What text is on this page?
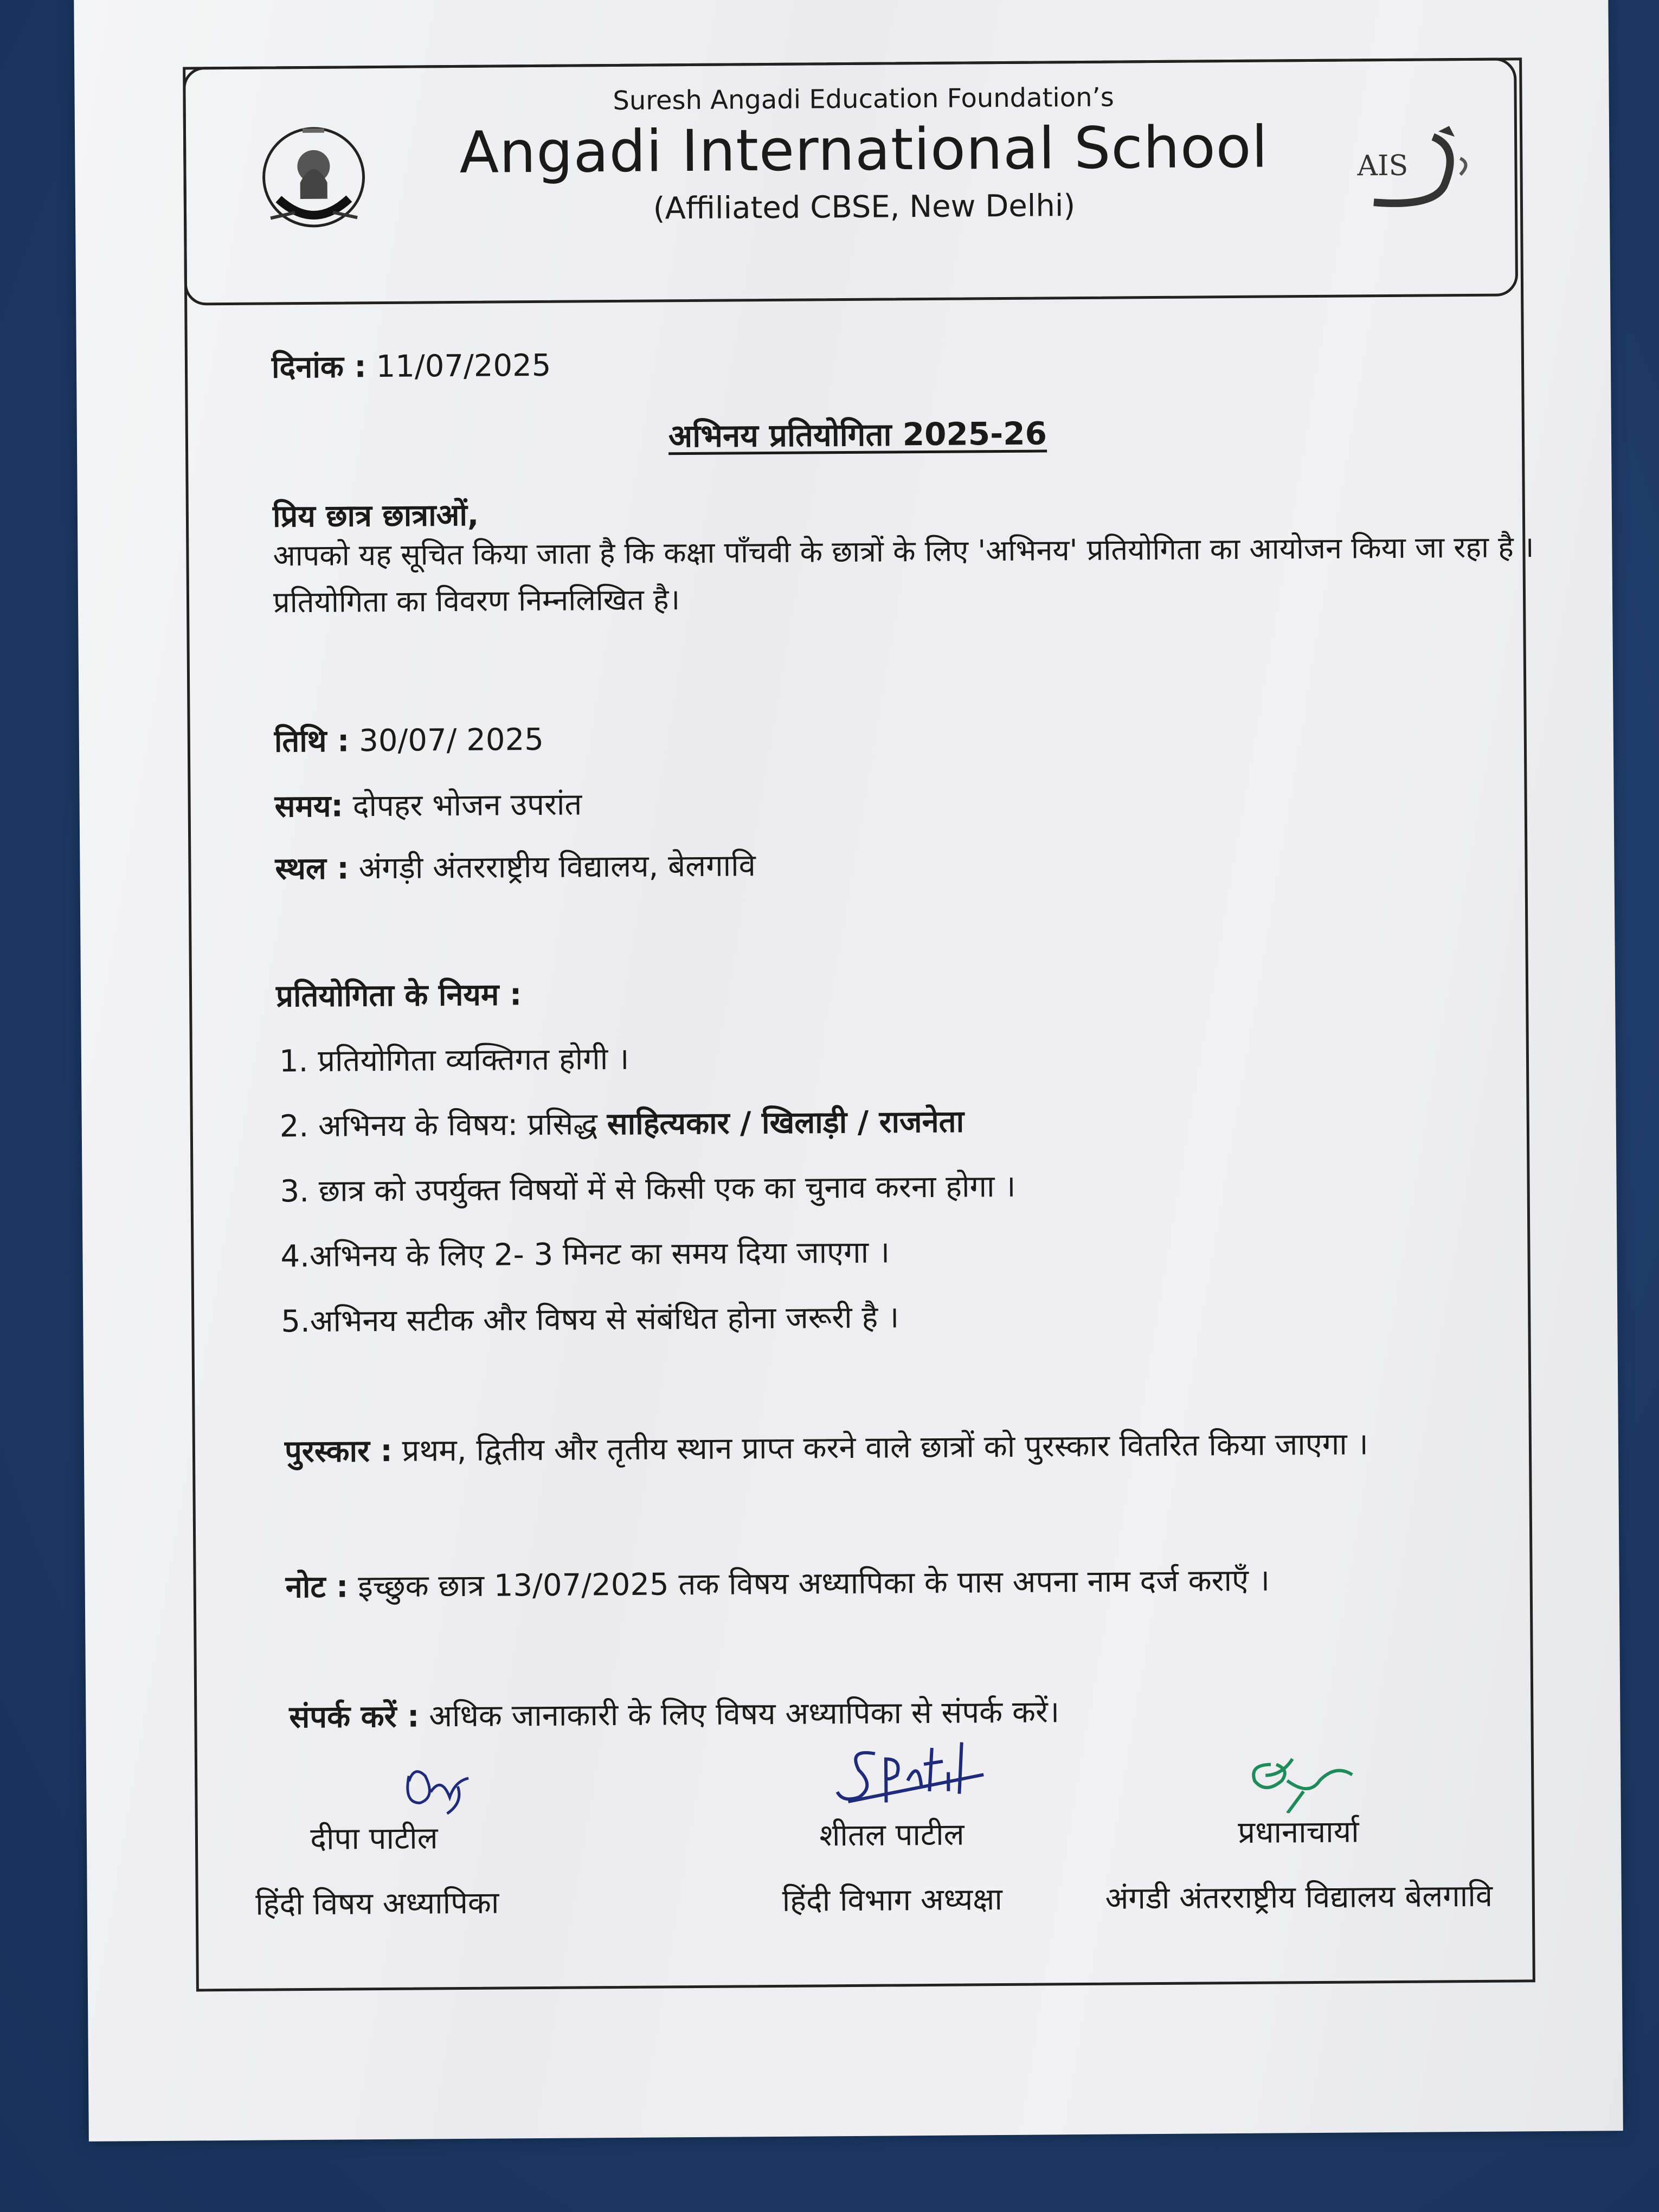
Suresh Angadi Education Foundation’s
Angadi International School
(Affiliated CBSE, New Delhi)
AIS
दिनांक : 11/07/2025
अभिनय प्रतियोगिता 2025-26
प्रिय छात्र छात्राओं,
आपको यह सूचित किया जाता है कि कक्षा पाँचवी के छात्रों के लिए 'अभिनय' प्रतियोगिता का आयोजन किया जा रहा है । प्रतियोगिता का विवरण निम्नलिखित है।
तिथि : 30/07/ 2025
समय: दोपहर भोजन उपरांत
स्थल : अंगड़ी अंतरराष्ट्रीय विद्यालय, बेलगावि
प्रतियोगिता के नियम :
1. प्रतियोगिता व्यक्तिगत होगी ।
2. अभिनय के विषय: प्रसिद्ध साहित्यकार / खिलाड़ी / राजनेता
3. छात्र को उपर्युक्त विषयों में से किसी एक का चुनाव करना होगा ।
4.अभिनय के लिए 2- 3 मिनट का समय दिया जाएगा ।
5.अभिनय सटीक और विषय से संबंधित होना जरूरी है ।
पुरस्कार : प्रथम, द्वितीय और तृतीय स्थान प्राप्त करने वाले छात्रों को पुरस्कार वितरित किया जाएगा ।
नोट : इच्छुक छात्र 13/07/2025 तक विषय अध्यापिका के पास अपना नाम दर्ज कराएँ ।
संपर्क करें : अधिक जानाकारी के लिए विषय अध्यापिका से संपर्क करें।
दीपा पाटील
हिंदी विषय अध्यापिका
शीतल पाटील
हिंदी विभाग अध्यक्षा
प्रधानाचार्या
अंगडी अंतरराष्ट्रीय विद्यालय बेलगावि
